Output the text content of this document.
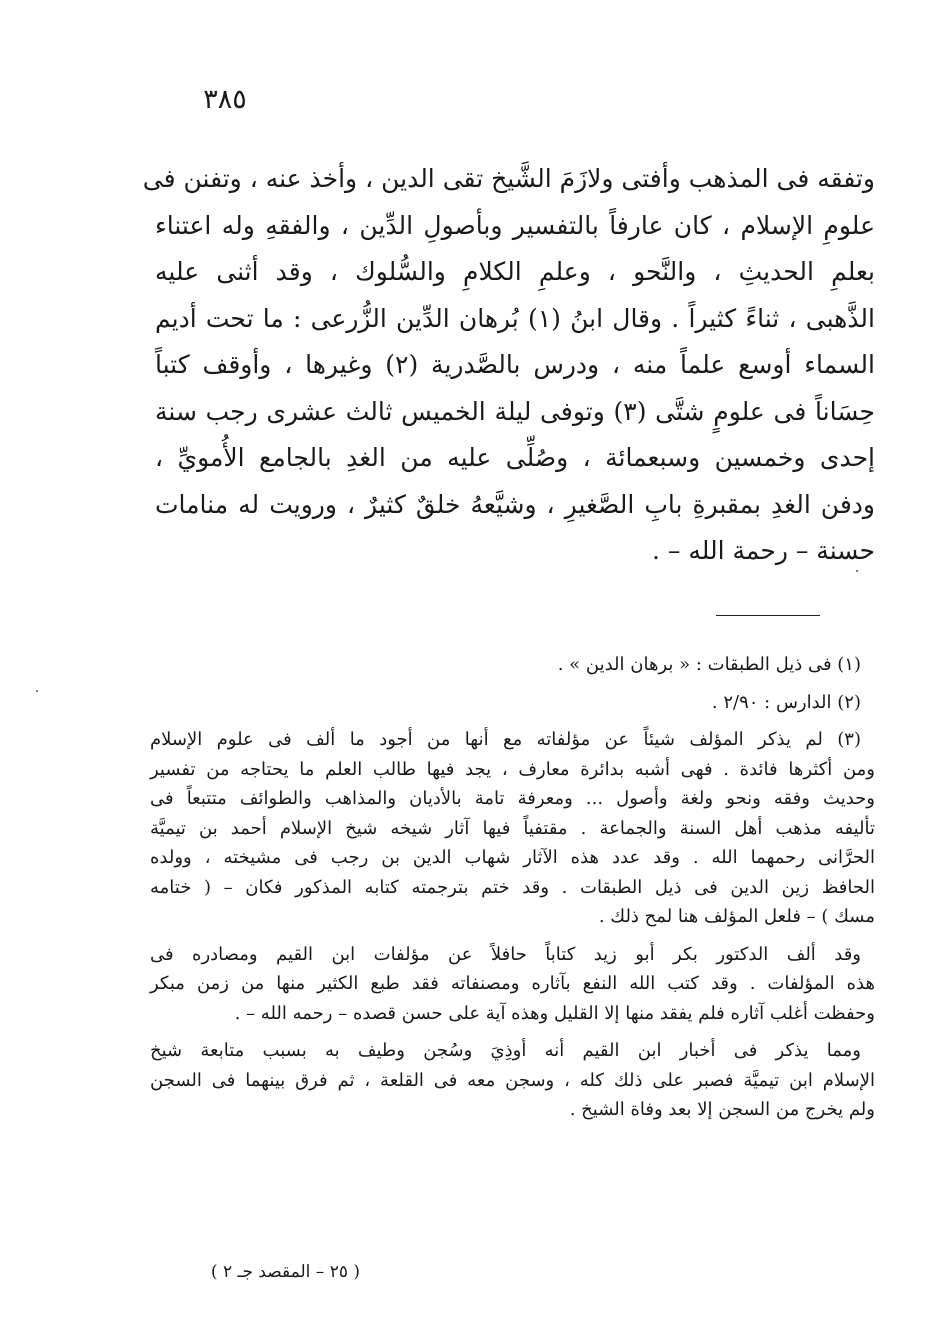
٣٨٥
وتفقه فى المذهب وأفتى ولازَمَ الشَّيخ تقى الدين ، وأخذ عنه ، وتفنن فى
علومِ الإسلام ، كان عارفاً بالتفسير وبأصولِ الدِّين ، والفقهِ وله اعتناء
بعلمِ الحديثِ ، والنَّحو ، وعلمِ الكلامِ والسُّلوك ، وقد أثنى عليه
الذَّهبى ، ثناءً كثيراً . وقال ابنُ (١) بُرهان الدِّين الزُّرعى : ما تحت أديم
السماء أوسع علماً منه ، ودرس بالصَّدرية (٢) وغيرها ، وأوقف كتباً
حِسَاناً فى علومٍ شتَّى (٣) وتوفى ليلة الخميس ثالث عشرى رجب سنة
إحدى وخمسين وسبعمائة ، وصُلِّى عليه من الغدِ بالجامع الأُمويِّ ،
ودفن الغدِ بمقبرةِ بابِ الصَّغيرِ ، وشيَّعهُ خلقٌ كثيرٌ ، ورويت له منامات
حسنة – رحمة الله – .
(١) فى ذيل الطبقات : « برهان الدين » .
(٢) الدارس : ٢/٩٠ .
(٣) لم يذكر المؤلف شيئاً عن مؤلفاته مع أنها من أجود ما ألف فى علوم الإسلام
ومن أكثرها فائدة . فهى أشبه بدائرة معارف ، يجد فيها طالب العلم ما يحتاجه من تفسير
وحديث وفقه ونحو ولغة وأصول ... ومعرفة تامة بالأديان والمذاهب والطوائف متتبعاً فى
تأليفه مذهب أهل السنة والجماعة . مقتفياً فيها آثار شيخه شيخ الإسلام أحمد بن تيميَّة
الحرَّانى رحمهما الله . وقد عدد هذه الآثار شهاب الدين بن رجب فى مشيخته ، وولده
الحافظ زين الدين فى ذيل الطبقات . وقد ختم بترجمته كتابه المذكور فكان – ( ختامه
مسك ) – فلعل المؤلف هنا لمح ذلك .
وقد ألف الدكتور بكر أبو زيد كتاباً حافلاً عن مؤلفات ابن القيم ومصادره فى
هذه المؤلفات . وقد كتب الله النفع بآثاره ومصنفاته فقد طبع الكثير منها من زمن مبكر
وحفظت أغلب آثاره فلم يفقد منها إلا القليل وهذه آية على حسن قصده – رحمه الله – .
ومما يذكر فى أخبار ابن القيم أنه أوذِيَ وسُجن وطيف به بسبب متابعة شيخ
الإسلام ابن تيميَّة فصبر على ذلك كله ، وسجن معه فى القلعة ، ثم فرق بينهما فى السجن
ولم يخرج من السجن إلا بعد وفاة الشيخ .
( ٢٥ – المقصد جـ ٢ )
